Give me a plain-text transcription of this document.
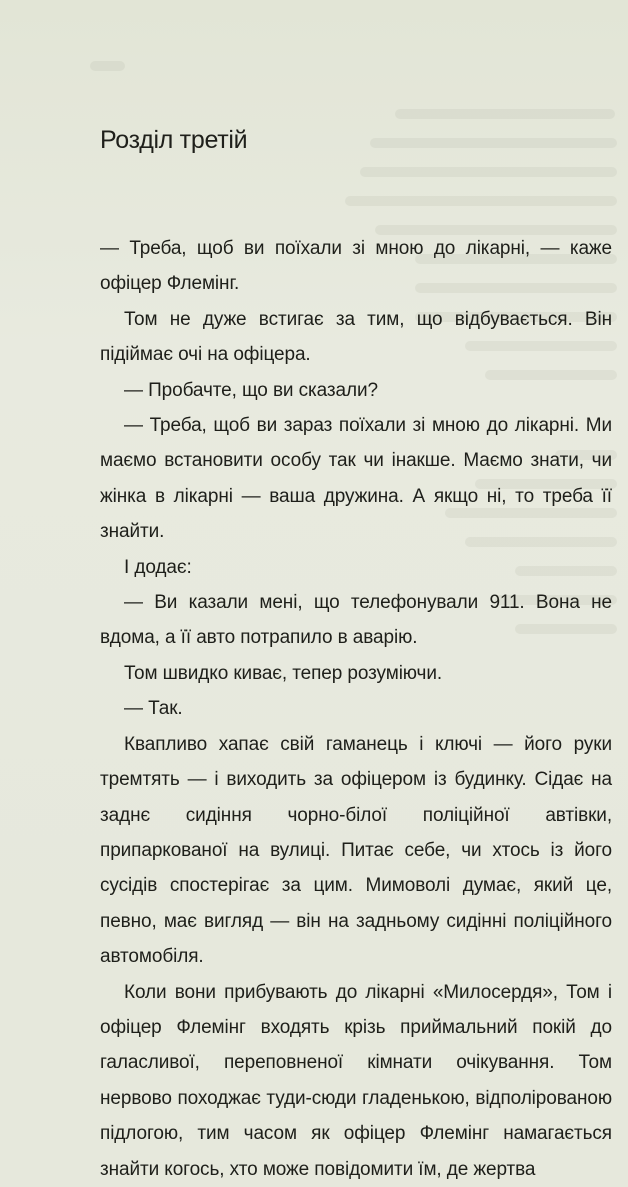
Розділ третій

— Треба, щоб ви поїхали зі мною до лікарні, — каже офіцер Флемінг.

Том не дуже встигає за тим, що відбувається. Він підіймає очі на офіцера.

— Пробачте, що ви сказали?

— Треба, щоб ви зараз поїхали зі мною до лікарні. Ми маємо встановити особу так чи інакше. Маємо знати, чи жінка в лікарні — ваша дружина. А якщо ні, то треба її знайти.

І додає:

— Ви казали мені, що телефонували 911. Вона не вдома, а її авто потрапило в аварію.

Том швидко киває, тепер розуміючи.

— Так.

Квапливо хапає свій гаманець і ключі — його руки тремтять — і виходить за офіцером із будинку. Сідає на заднє сидіння чорно-білої поліційної автівки, припаркованої на вулиці. Питає себе, чи хтось із його сусідів спостерігає за цим. Мимоволі думає, який це, певно, має вигляд — він на задньому сидінні поліційного автомобіля.

Коли вони прибувають до лікарні «Милосердя», Том і офіцер Флемінг входять крізь приймальний покій до галасливої, переповненої кімнати очікування. Том нервово походжає туди-сюди гладенькою, відполірованою підлогою, тим часом як офіцер Флемінг намагається знайти когось, хто може повідомити їм, де жертва
